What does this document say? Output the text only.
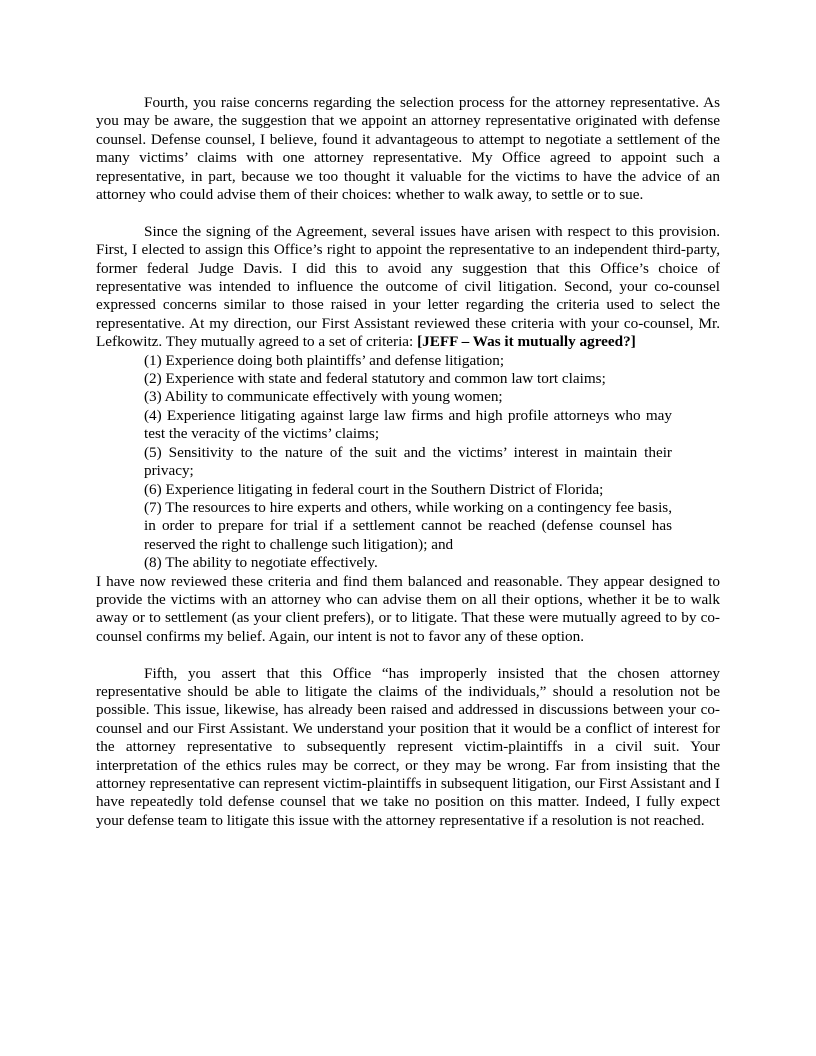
Fourth, you raise concerns regarding the selection process for the attorney representative. As you may be aware, the suggestion that we appoint an attorney representative originated with defense counsel. Defense counsel, I believe, found it advantageous to attempt to negotiate a settlement of the many victims’ claims with one attorney representative. My Office agreed to appoint such a representative, in part, because we too thought it valuable for the victims to have the advice of an attorney who could advise them of their choices: whether to walk away, to settle or to sue.

Since the signing of the Agreement, several issues have arisen with respect to this provision. First, I elected to assign this Office’s right to appoint the representative to an independent third-party, former federal Judge Davis. I did this to avoid any suggestion that this Office’s choice of representative was intended to influence the outcome of civil litigation. Second, your co-counsel expressed concerns similar to those raised in your letter regarding the criteria used to select the representative. At my direction, our First Assistant reviewed these criteria with your co-counsel, Mr. Lefkowitz. They mutually agreed to a set of criteria: [JEFF – Was it mutually agreed?]

(1) Experience doing both plaintiffs’ and defense litigation;
(2) Experience with state and federal statutory and common law tort claims;
(3) Ability to communicate effectively with young women;
(4) Experience litigating against large law firms and high profile attorneys who may test the veracity of the victims’ claims;
(5) Sensitivity to the nature of the suit and the victims’ interest in maintain their privacy;
(6) Experience litigating in federal court in the Southern District of Florida;
(7) The resources to hire experts and others, while working on a contingency fee basis, in order to prepare for trial if a settlement cannot be reached (defense counsel has reserved the right to challenge such litigation); and
(8) The ability to negotiate effectively.

I have now reviewed these criteria and find them balanced and reasonable. They appear designed to provide the victims with an attorney who can advise them on all their options, whether it be to walk away or to settlement (as your client prefers), or to litigate. That these were mutually agreed to by co-counsel confirms my belief. Again, our intent is not to favor any of these option.

Fifth, you assert that this Office “has improperly insisted that the chosen attorney representative should be able to litigate the claims of the individuals,” should a resolution not be possible. This issue, likewise, has already been raised and addressed in discussions between your co-counsel and our First Assistant. We understand your position that it would be a conflict of interest for the attorney representative to subsequently represent victim-plaintiffs in a civil suit. Your interpretation of the ethics rules may be correct, or they may be wrong. Far from insisting that the attorney representative can represent victim-plaintiffs in subsequent litigation, our First Assistant and I have repeatedly told defense counsel that we take no position on this matter. Indeed, I fully expect your defense team to litigate this issue with the attorney representative if a resolution is not reached.
